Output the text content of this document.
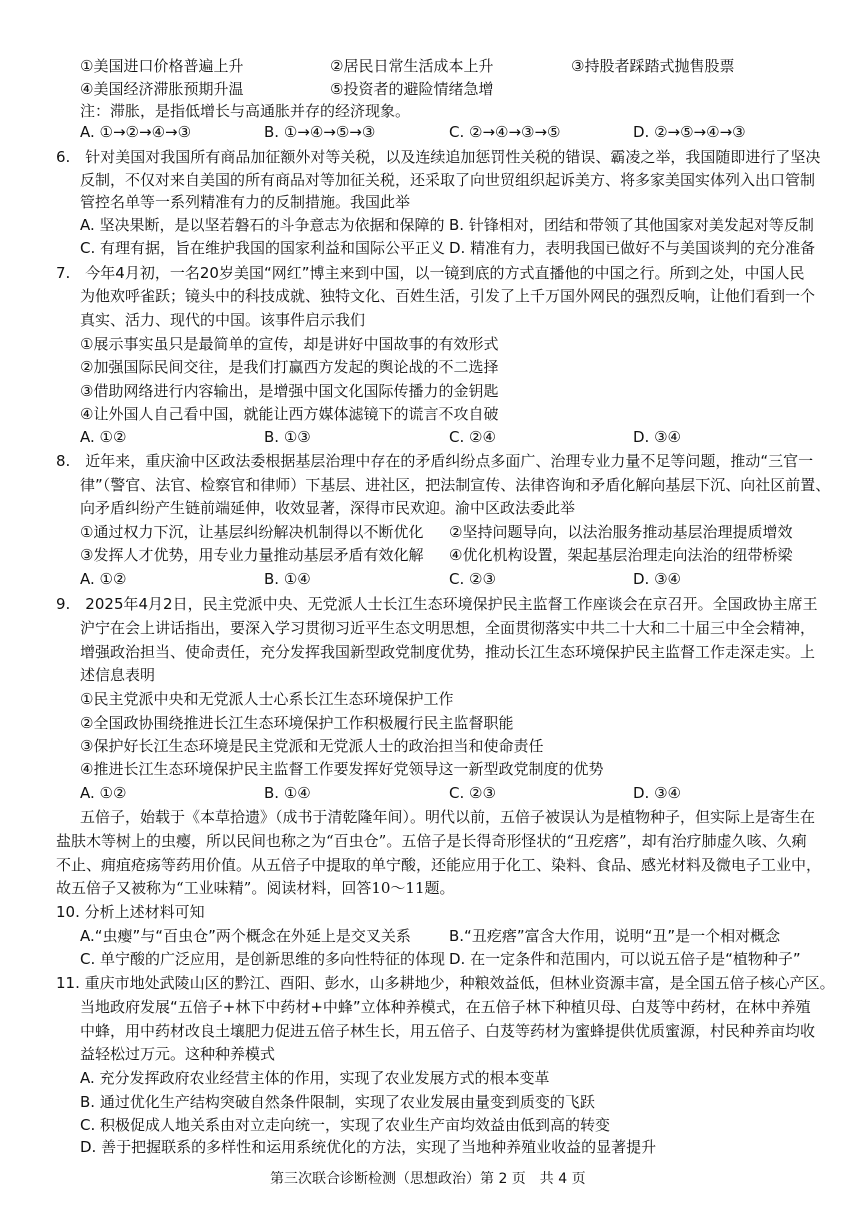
①美国进口价格普遍上升	②居民日常生活成本上升	③持股者踩踏式抛售股票
④美国经济滞胀预期升温	⑤投资者的避险情绪急增
注：滞胀，是指低增长与高通胀并存的经济现象。
A. ①→②→④→③	B. ①→④→⑤→③	C. ②→④→③→⑤	D. ②→⑤→④→③
6.　针对美国对我国所有商品加征额外对等关税，以及连续追加惩罚性关税的错误、霸凌之举，我国随即进行了坚决
反制，不仅对来自美国的所有商品对等加征关税，还采取了向世贸组织起诉美方、将多家美国实体列入出口管制
管控名单等一系列精准有力的反制措施。我国此举
A. 坚决果断，是以坚若磐石的斗争意志为依据和保障的 B. 针锋相对，团结和带领了其他国家对美发起对等反制
C. 有理有据，旨在维护我国的国家利益和国际公平正义 D. 精准有力，表明我国已做好不与美国谈判的充分准备
7.　今年4月初，一名20岁美国“网红”博主来到中国，以一镜到底的方式直播他的中国之行。所到之处，中国人民
为他欢呼雀跃；镜头中的科技成就、独特文化、百姓生活，引发了上千万国外网民的强烈反响，让他们看到一个
真实、活力、现代的中国。该事件启示我们
①展示事实虽只是最简单的宣传，却是讲好中国故事的有效形式
②加强国际民间交往，是我们打赢西方发起的舆论战的不二选择
③借助网络进行内容输出，是增强中国文化国际传播力的金钥匙
④让外国人自己看中国，就能让西方媒体滤镜下的谎言不攻自破
A. ①②	B. ①③	C. ②④	D. ③④
8.　近年来，重庆渝中区政法委根据基层治理中存在的矛盾纠纷点多面广、治理专业力量不足等问题，推动“三官一
律”（警官、法官、检察官和律师）下基层、进社区，把法制宣传、法律咨询和矛盾化解向基层下沉、向社区前置、
向矛盾纠纷产生链前端延伸，收效显著，深得市民欢迎。渝中区政法委此举
①通过权力下沉，让基层纠纷解决机制得以不断优化 ②坚持问题导向，以法治服务推动基层治理提质增效
③发挥人才优势，用专业力量推动基层矛盾有效化解 ④优化机构设置，架起基层治理走向法治的纽带桥梁
A. ①②	B. ①④	C. ②③	D. ③④
9.　2025年4月2日，民主党派中央、无党派人士长江生态环境保护民主监督工作座谈会在京召开。全国政协主席王
沪宁在会上讲话指出，要深入学习贯彻习近平生态文明思想，全面贯彻落实中共二十大和二十届三中全会精神，
增强政治担当、使命责任，充分发挥我国新型政党制度优势，推动长江生态环境保护民主监督工作走深走实。上
述信息表明
①民主党派中央和无党派人士心系长江生态环境保护工作
②全国政协围绕推进长江生态环境保护工作积极履行民主监督职能
③保护好长江生态环境是民主党派和无党派人士的政治担当和使命责任
④推进长江生态环境保护民主监督工作要发挥好党领导这一新型政党制度的优势
A. ①②	B. ①④	C. ②③	D. ③④
五倍子，始载于《本草拾遗》（成书于清乾隆年间）。明代以前，五倍子被误认为是植物种子，但实际上是寄生在
盐肤木等树上的虫瘿，所以民间也称之为“百虫仓”。五倍子是长得奇形怪状的“丑疙瘩”，却有治疗肺虚久咳、久痢
不止、痈疽疮疡等药用价值。从五倍子中提取的单宁酸，还能应用于化工、染料、食品、感光材料及微电子工业中，
故五倍子又被称为“工业味精”。阅读材料，回答10～11题。
10. 分析上述材料可知
A.“虫瘿”与“百虫仓”两个概念在外延上是交叉关系	B.“丑疙瘩”富含大作用，说明“丑”是一个相对概念
C. 单宁酸的广泛应用，是创新思维的多向性特征的体现 D. 在一定条件和范围内，可以说五倍子是“植物种子”
11. 重庆市地处武陵山区的黔江、酉阳、彭水，山多耕地少，种粮效益低，但林业资源丰富，是全国五倍子核心产区。
当地政府发展“五倍子+林下中药材+中蜂”立体种养模式，在五倍子林下种植贝母、白芨等中药材，在林中养殖
中蜂，用中药材改良土壤肥力促进五倍子林生长，用五倍子、白芨等药材为蜜蜂提供优质蜜源，村民种养亩均收
益轻松过万元。这种种养模式
A. 充分发挥政府农业经营主体的作用，实现了农业发展方式的根本变革
B. 通过优化生产结构突破自然条件限制，实现了农业发展由量变到质变的飞跃
C. 积极促成人地关系由对立走向统一，实现了农业生产亩均效益由低到高的转变
D. 善于把握联系的多样性和运用系统优化的方法，实现了当地种养殖业收益的显著提升
第三次联合诊断检测（思想政治）第 2 页　共 4 页
